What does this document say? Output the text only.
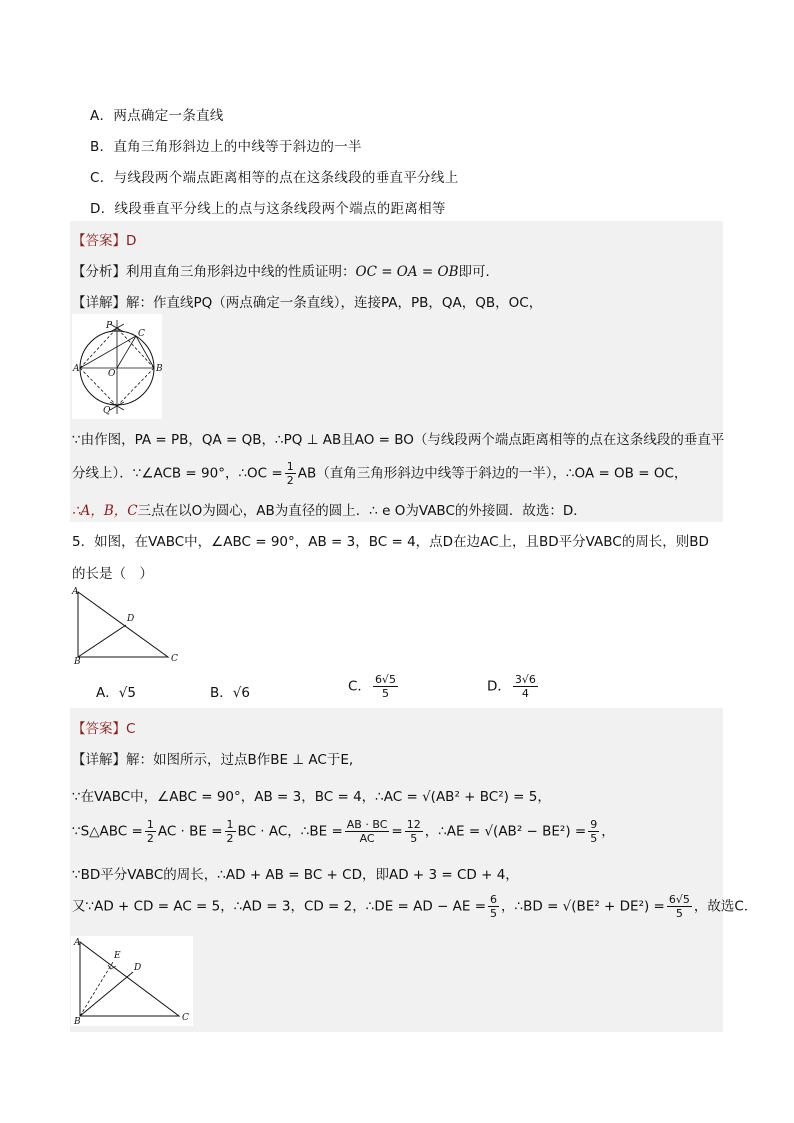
A．两点确定一条直线
B．直角三角形斜边上的中线等于斜边的一半
C．与线段两个端点距离相等的点在这条线段的垂直平分线上
D．线段垂直平分线上的点与这条线段两个端点的距离相等
【答案】D
【分析】利用直角三角形斜边中线的性质证明：OC = OA = OB即可．
【详解】解：作直线PQ（两点确定一条直线），连接PA，PB，QA，QB，OC，
P
C
A	O	B
Q
∵由作图，PA = PB，QA = QB，∴PQ ⊥ AB且AO = BO（与线段两个端点距离相等的点在这条线段的垂直平
分线上）．∵∠ACB = 90°，∴OC = $\frac{1}{2} AB$（直角三角形斜边中线等于斜边的一半），∴OA = OB = OC，
∴A，B，C三点在以O为圆心，AB为直径的圆上．∴ e O为VABC的外接圆．故选：D．
5．如图，在VABC中，∠ABC = 90°，AB = 3，BC = 4，点D在边AC上，且BD平分VABC的周长，则BD
的长是（　）
A
D
B	C
A．√5	B．√6	C． $\frac{6√5}{5}$	D． $\frac{3√6}{4}$
【答案】C
【详解】解：如图所示，过点B作BE ⊥ AC于E,
∵在VABC中，∠ABC = 90°，AB = 3，BC = 4，∴AC = √(AB² + BC²) = 5，
∵S△ABC = $\frac{1}{2}$ AC · BE = $\frac{1}{2}$ BC · AC，∴BE = $\frac{AB \cdot BC}{AC} = \frac{12}{5}$ ，∴AE = $√(AB^2 - BE^2) = \frac{9}{5}$ ，
∵BD平分VABC的周长，∴AD + AB = BC + CD，即AD + 3 = CD + 4，
又∵AD + CD = AC = 5，∴AD = 3，CD = 2，∴DE = AD − AE = $\frac{6}{5}$ ，∴BD = $√(BE^2 + DE^2) = \frac{6√5}{5}$ ，故选C．
A
E
D
B	C
